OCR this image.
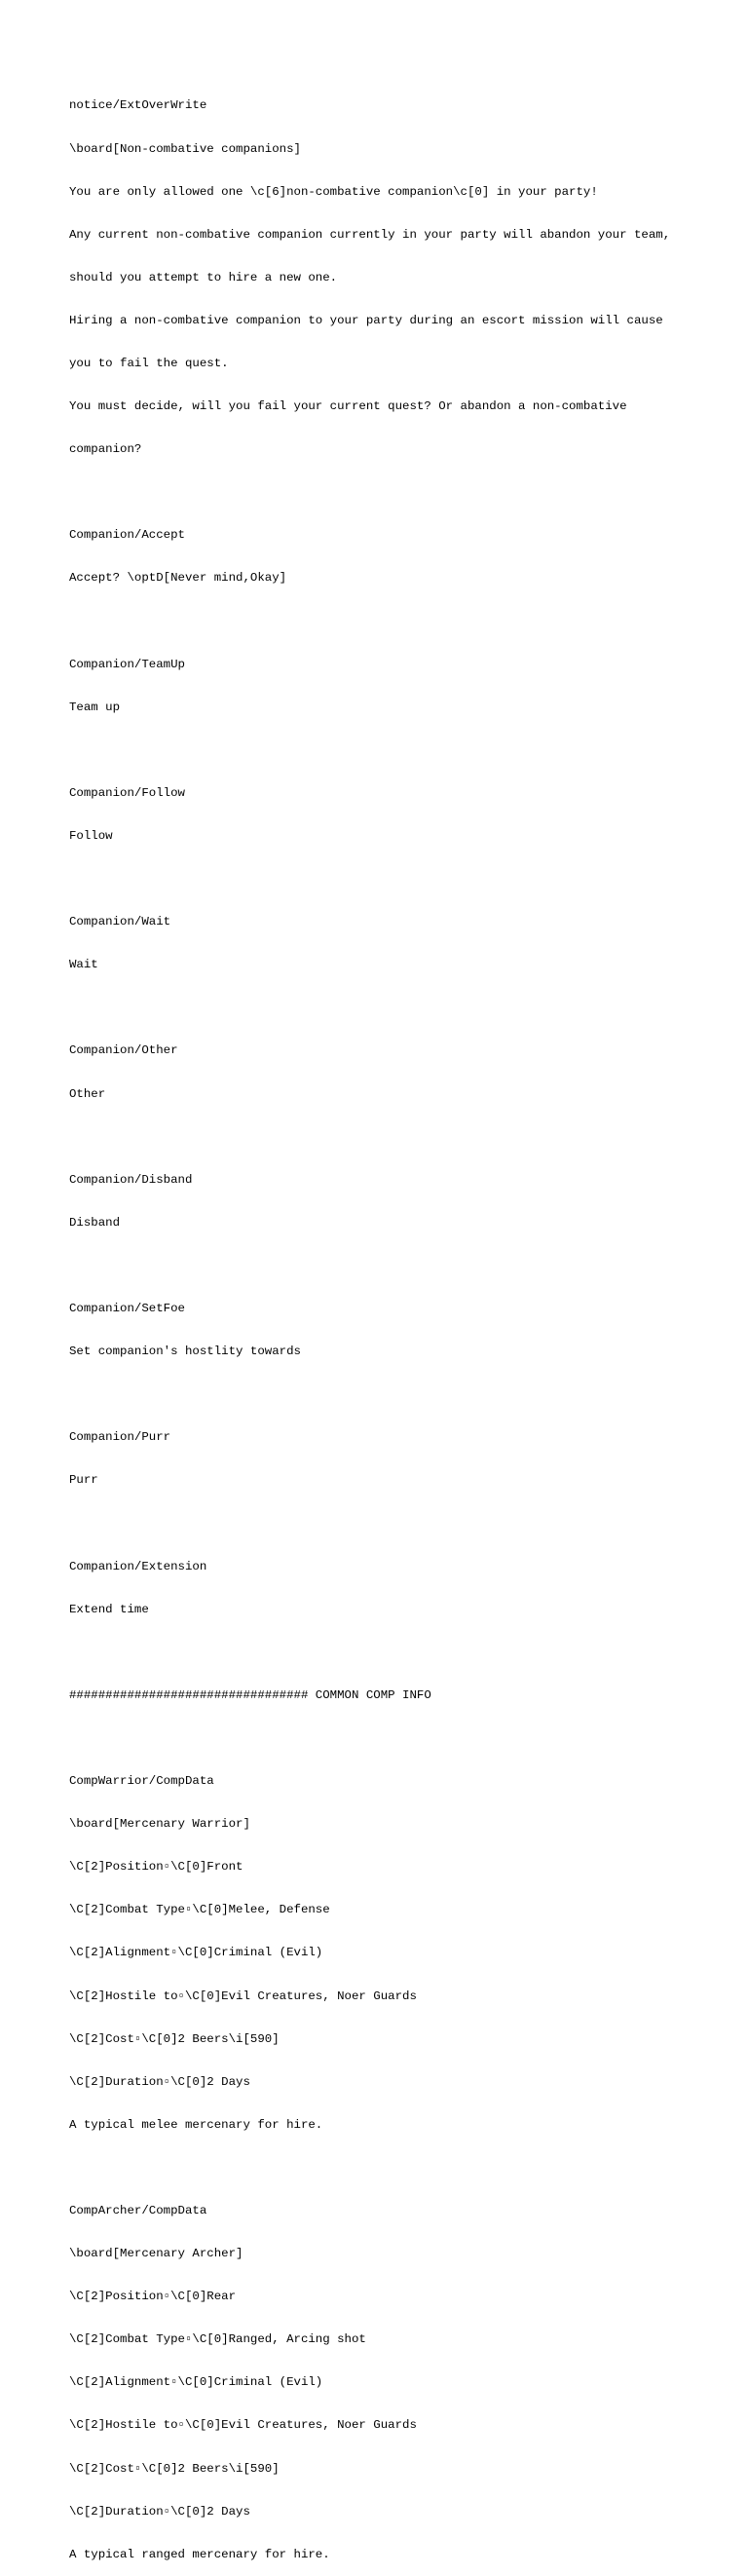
notice/ExtOverWrite

\board[Non-combative companions]

You are only allowed one \c[6]non-combative companion\c[0] in your party!

Any current non-combative companion currently in your party will abandon your team,

should you attempt to hire a new one.

Hiring a non-combative companion to your party during an escort mission will cause

you to fail the quest.

You must decide, will you fail your current quest? Or abandon a non-combative

companion?

Companion/Accept

Accept? \optD[Never mind,Okay]

Companion/TeamUp

Team up

Companion/Follow

Follow

Companion/Wait

Wait

Companion/Other

Other

Companion/Disband

Disband

Companion/SetFoe

Set companion's hostlity towards

Companion/Purr

Purr

Companion/Extension

Extend time

################################# COMMON COMP INFO

CompWarrior/CompData

\board[Mercenary Warrior]

\C[2]Position▫\C[0]Front

\C[2]Combat Type▫\C[0]Melee, Defense

\C[2]Alignment▫\C[0]Criminal (Evil)

\C[2]Hostile to▫\C[0]Evil Creatures, Noer Guards

\C[2]Cost▫\C[0]2 Beers\i[590]

\C[2]Duration▫\C[0]2 Days

A typical melee mercenary for hire.

CompArcher/CompData

\board[Mercenary Archer]

\C[2]Position▫\C[0]Rear

\C[2]Combat Type▫\C[0]Ranged, Arcing shot

\C[2]Alignment▫\C[0]Criminal (Evil)

\C[2]Hostile to▫\C[0]Evil Creatures, Noer Guards

\C[2]Cost▫\C[0]2 Beers\i[590]

\C[2]Duration▫\C[0]2 Days

A typical ranged mercenary for hire.
